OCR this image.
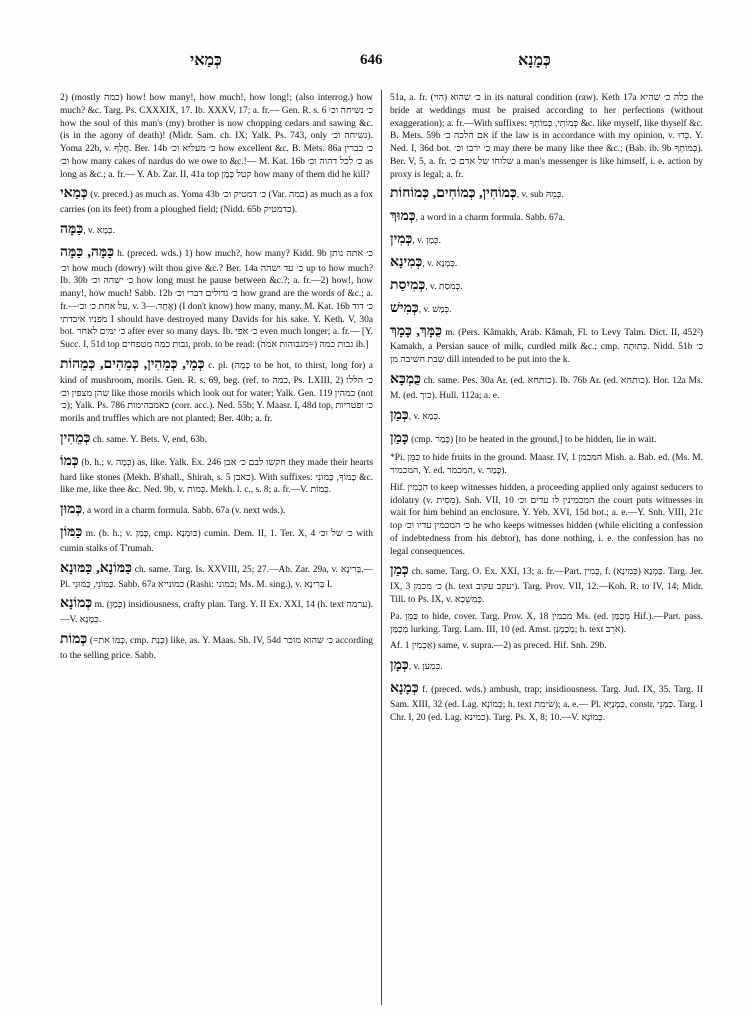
כְּמַאי	646	כְּמָנָא
2) (mostly כמה) how! how many!, how much!, how long!; (also interrog.) how much? &c. Targ. Ps. CXXXIX, 17. Ib. XXXV, 17; a. fr.— Gen. R. s. 6 כ׳ נשיחה וכ׳ how the soul of this man's (my) brother is now chopping cedars and sawing &c. (is in the agony of death)! (Midr. Sam. ch. IX; Yalk. Ps. 743, only נשיחה וכ׳). Yoma 22b, v. חֲלַף. Ber. 14b כ׳ מעליא וכ׳ how excellent &c. B. Mets. 86a כ׳ כברין וכ׳ how many cakes of nardus do we owe to &c.!— M. Kat. 16b כ׳ לכל דהוה וכ׳ as long as &c.; a. fr.— Y. Ab. Zar. II, 41a top קטל כְּמָן how many of them did he kill?
כְּמַאי (v. preced.) as much as. Yoma 43b כ׳ דמטיק וכ׳ (Var. כמה) as much as a fox carries (on its feet) from a ploughed field; (Nidd. 65b כדמטיק).
כַּמָּה, v. כְּמָא.
כַּמָּה, כַּמָּה h. (preced. wds.) 1) how much?, how many? Kidd. 9b כ׳ אתה נותן וכ׳ how much (dowry) wilt thou give &c.? Ber. 14a כ׳ עד ישהה up to how much? Ib. 30b כ׳ ישהה וכ׳ how long must he pause between &c.?; a. fr.—2) how!, how many!, how much! Sabb. 12b כ׳ גדולים דברי וכ׳ how grand are the words of &c.; a. fr.—על אחת כ׳ וכ׳, v. אֶחָד.—3) (I don't know) how many, many. M. Kat. 16b כ׳ דוד מפניו איבדתי I should have destroyed many Davids for his sake. Y. Keth. V, 30a bot. כ׳ ימים לאחר after ever so many days. Ib. כ׳ אפי even much longer; a. fr.— [Y. Succ. I, 51d top גבות כמה מטפחים, prob. to be read: גבות כמה (=מגבוהות אמה) ib.]
כְּמֵי, כְּמֵהִין, כְּמֵהִים, כְּמֵהוֹת c. pl. (כְּמַה to be hot, to thirst, long for) a kind of mushroom, morils. Gen. R. s. 69, beg. (ref. to כמה, Ps. LXIII, 2) כ׳ הללו שהן מצפין וכ׳ like those morils which look out for water; Yalk. Gen. 119 כמהין (not כ׳); Yalk. Ps. 786 כאמבהימות (corr. acc.). Ned. 55b; Y. Maasr. I, 48d top, כ׳ ופטריות morils and truffles which are not planted; Ber. 40b; a. fr.
כְּמֵהִין ch. same. Y. Bets. V, end, 63b.
כְּמוֹ (b. h.; v. כְּמָה) as, like. Yalk. Ex. 246 חקשו לבם כ׳ אבן they made their hearts hard like stones (Mekh. B'shall., Shirah, s. 5 כאבן). With suffixes: כָּמוֹךָ, כָּמוֹנִי &c. like me, like thee &c. Ned. 9b, v. כְּמוֹת. Mekh. l. c., s. 8; a. fr.—V. כְּמוֹת.
כְּמוּן, a word in a charm formula. Sabb. 67a (v. next wds.).
כַּמּוֹן m. (b. h.; v. כָּמַן, cmp. כּוּמְנָא) cumin. Dem. II, 1. Ter. X, 4 כ׳ של וכ׳ with cumin stalks of T'rumah.
כַּמּוֹנָא, כַּמּוּנָא ch. same. Targ. Is. XXVIII, 25; 27.—Ab. Zar. 29a, v. בְּרִינָא.— Pl. כַּמּוֹנֵי, כַּמּוּנֵי. Sabb. 67a כמונייא (Rashi: כמוני; Ms. M. sing.), v. בְּרִינָא I.
כְּמוֹנָא m. (כְּמַן) insidiousness, crafty plan. Targ. Y. II Ex. XXI, 14 (h. text ערמה).—V. כְּמָנָא.
כְּמוֹת (=כְּמוֹ את, cmp. כְּנַת) like, as. Y. Maas. Sh. IV, 54d כ׳ שהוא מוכר according to the selling price. Sabb.
51a, a. fr. כ׳ שהוא (הוי) in its natural condition (raw). Keth 17a כלה כ׳ שהיא the bride at weddings must be praised according to her perfections (without exaggeration); a. fr.—With suffixes: כְּמוֹתִי, כְּמוֹתְךָ &c. like myself, like thyself &c. B. Mets. 59b אם הלכה כ׳ if the law is in accordance with my opinion, v. כְּרוּ. Y. Ned. I, 36d bot. כ׳ ירבו וכ׳ may there be many like thee &c.; (Bab. ib. 9b כְּמוֹתְךָ). Ber. V, 5, a. fr. שלוחו של אדם כ׳ a man's messenger is like himself, i. e. action by proxy is legal; a. fr.
כְּמוֹחִין, כְּמוֹחִים, כְּמוֹחוֹת, v. sub כְּמֵהּ.
כְּמוּךְ, a word in a charm formula. Sabb. 67a.
כְּמִין, v. כְּמַן.
כְּמִינָא, v. כְּמָנָא.
כְּמִיסַת, v. כְּמִסַת.
כְּמִישׁ, v. כְּמַשׁ.
כֻּמָּךְ, כָּמָךְ m. (Pers. Kâmakh, Arab. Kâmah, Fl. to Levy Talm. Dict. II, 452²) Kamakh, a Persian sauce of milk, curdled milk &c.; cmp. כְּתוּתָה. Nidd. 51b כ׳ שבת חשיבה מן dill intended to be put into the k.
כֻּמְכָּא ch. same. Pes. 30a Ar. (ed. כותחא). Ib. 76b Ar. (ed. כותחא). Hor. 12a Ms. M. (ed. כוך). Hull. 112a; a. e.
כְּמַן, v. כְּמָא.
כָּמַן (cmp. כְּמַר) [to be heated in the ground,] to be hidden, lie in wait.
*Pi. כִּמֵּן to hide fruits in the ground. Maasr. IV, 1 המכמן Mish. a. Bab. ed. (Ms. M. המכמיר, Y. ed. המכמר, v. כָּמַר).
Hif. הִכְמִין to keep witnesses hidden, a proceeding applied only against seducers to idolatry (v. מֵסִית). Snh. VII, 10 המכמינין לו עדים וכ׳ the court puts witnesses in wait for him behind an enclosure. Y. Yeb. XVI, 15d bot.; a. e.—Y. Snh. VIII, 21c top כ׳ המכמין עדיו וכ׳ he who keeps witnesses hidden (while eliciting a confession of indebtedness from his debtor), has done nothing, i. e. the confession has no legal consequences.
כְּמַן ch. same. Targ. O. Ex. XXI, 13; a. fr.—Part. כָּמִין, f. כָּמְנָא (כְּמִינָא). Targ. Jer. IX, 3 כ׳ מכמן (h. text יעקב עקוב). Targ. Prov. VII, 12.—Koh. R. to IV, 14; Midr. Till. to Ps. IX, v. כְּמִשְׁכָא.
Pa. כַּמֵּן to hide, cover. Targ. Prov. X, 18 מכמין Ms. (ed. מְכַמַּן Hif.).—Part. pass. מְכַמַּן lurking. Targ. Lam. III, 10 (ed. Amst. מְכַמְנַן; h. text אֹרֵב).
Af. אַכְמִין 1) same, v. supra.—2) as preced. Hif. Snh. 29b.
כְּמָן, v. כִּמְעֹן.
כְּמָנָא f. (preced. wds.) ambush, trap; insidiousness. Targ. Jud. IX, 35. Targ. II Sam. XIII, 32 (ed. Lag. כְּמוֹנָא; h. text שׂימת); a. e.— Pl. כְּמָנַיָּא, constr. כְּמָנֵי. Targ. I Chr. I, 20 (ed. Lag. כמינא). Targ. Ps. X, 8; 10.—V. כְּמוֹנָא.
